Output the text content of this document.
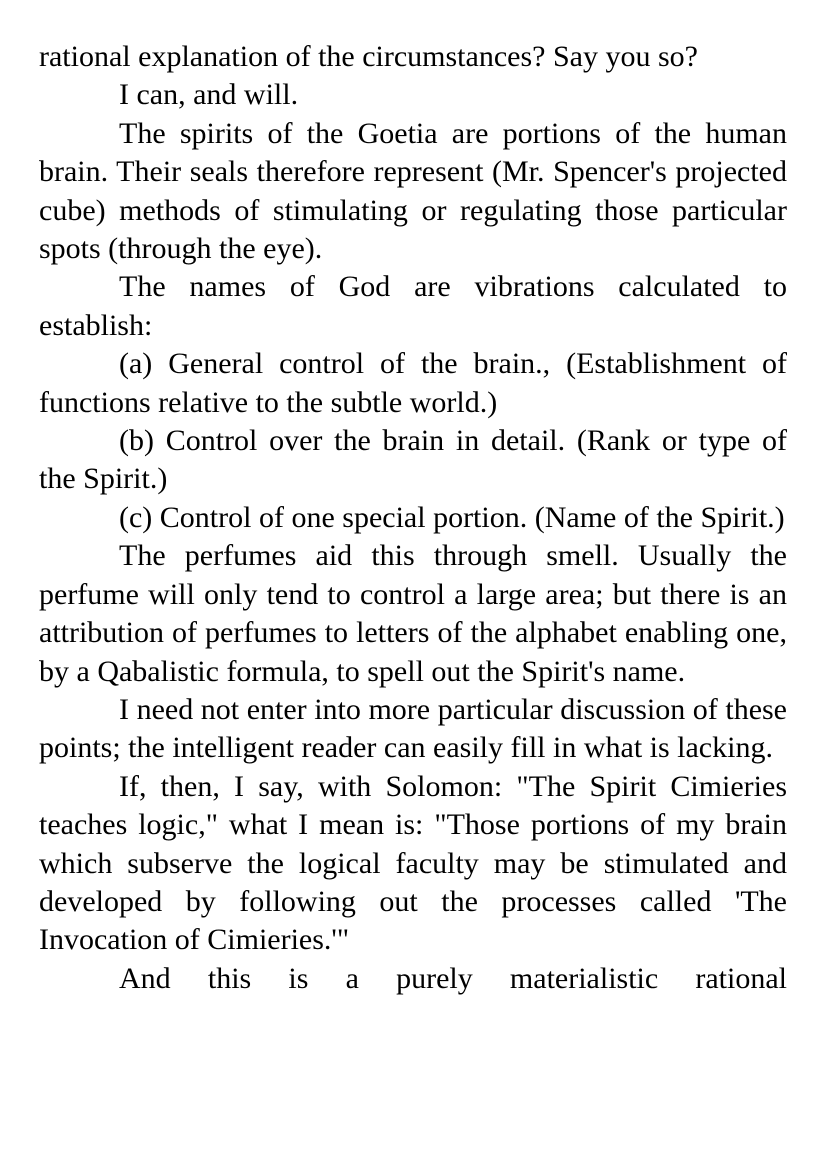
rational explanation of the circumstances? Say you so?

I can, and will.

The spirits of the Goetia are portions of the human brain. Their seals therefore represent (Mr. Spencer's projected cube) methods of stimulating or regulating those particular spots (through the eye).

The names of God are vibrations calculated to establish:

(a) General control of the brain., (Establishment of functions relative to the subtle world.)

(b) Control over the brain in detail. (Rank or type of the Spirit.)

(c) Control of one special portion. (Name of the Spirit.)

The perfumes aid this through smell. Usually the perfume will only tend to control a large area; but there is an attribution of perfumes to letters of the alphabet enabling one, by a Qabalistic formula, to spell out the Spirit's name.

I need not enter into more particular discussion of these points; the intelligent reader can easily fill in what is lacking.

If, then, I say, with Solomon: "The Spirit Cimieries teaches logic," what I mean is: "Those portions of my brain which subserve the logical faculty may be stimulated and developed by following out the processes called 'The Invocation of Cimieries.'"

And this is a purely materialistic rational
